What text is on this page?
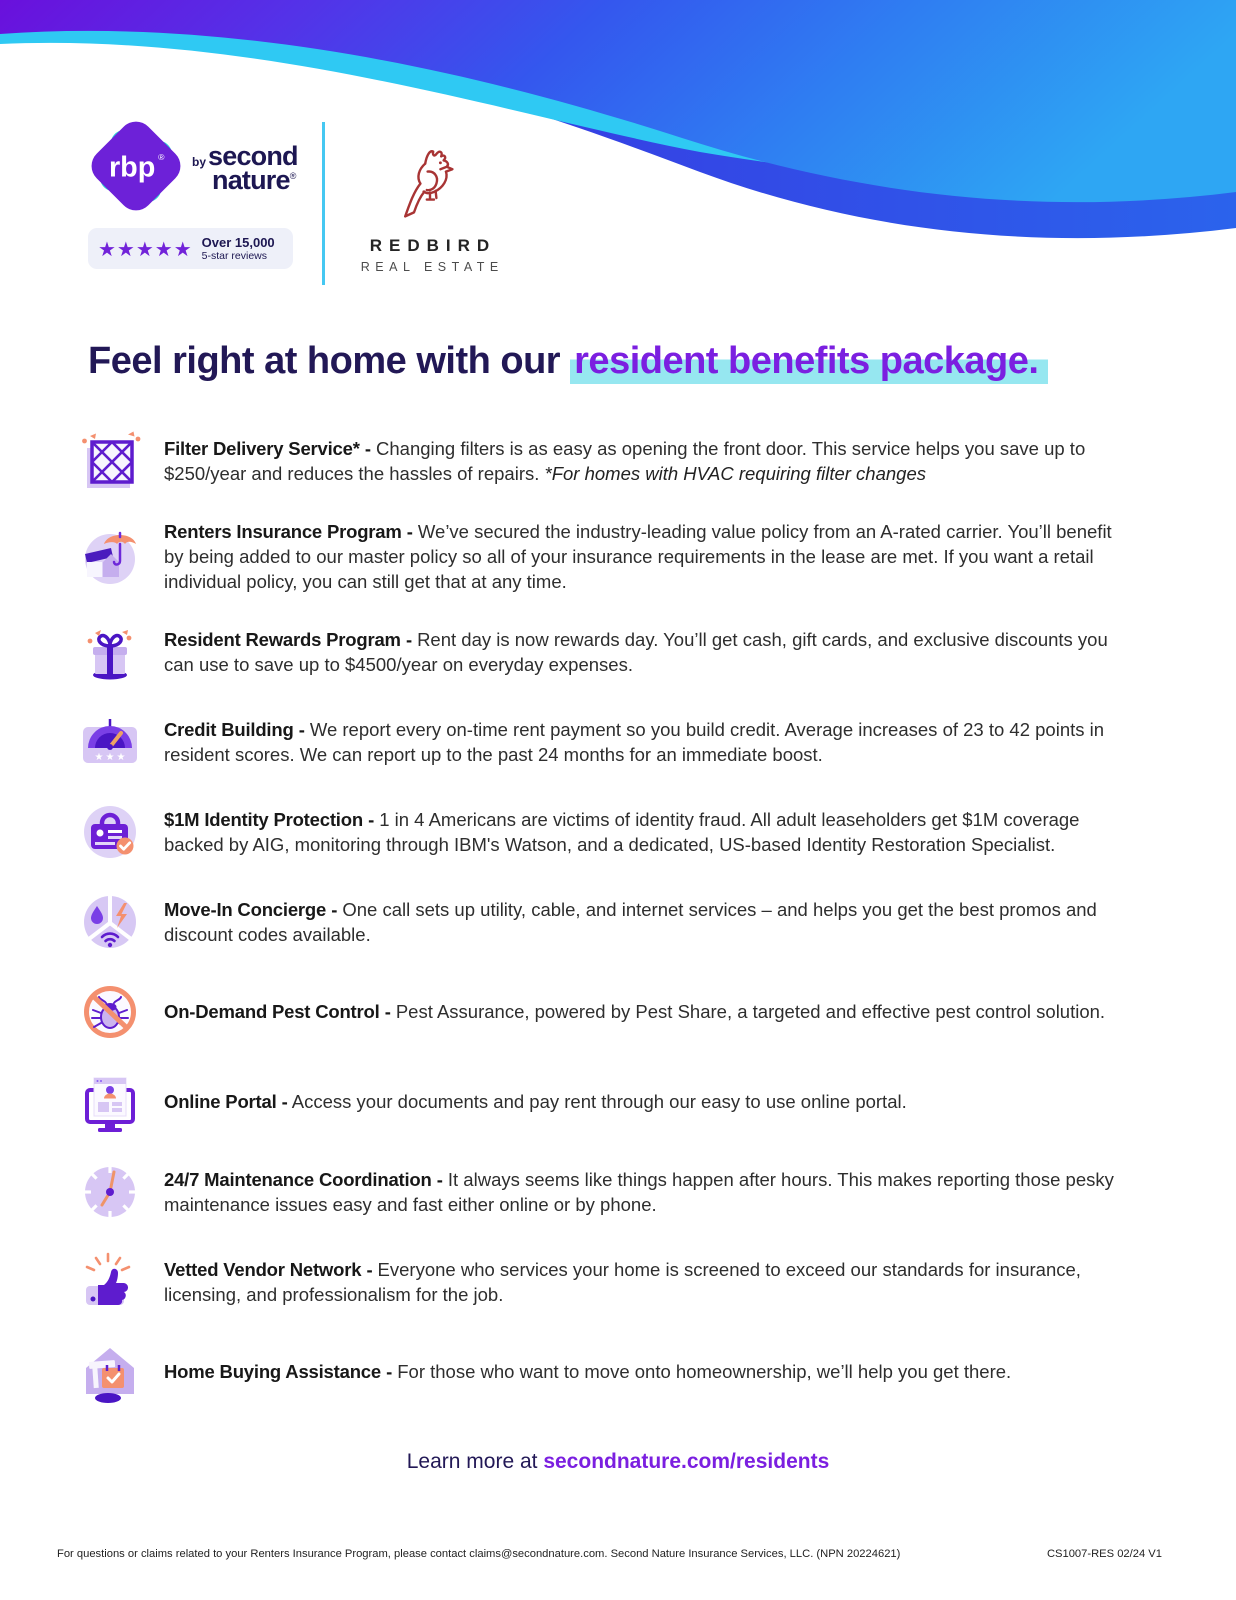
rbp ® by second
nature®
★★★★★ Over 15,000
5-star reviews
REDBIRD
REAL ESTATE
Feel right at home with our resident benefits package.

Filter Delivery Service* - Changing filters is as easy as opening the front door. This service helps you save up to $250/year and reduces the hassles of repairs. *For homes with HVAC requiring filter changes

Renters Insurance Program - We’ve secured the industry-leading value policy from an A-rated carrier. You’ll benefit by being added to our master policy so all of your insurance requirements in the lease are met. If you want a retail individual policy, you can still get that at any time.

Resident Rewards Program - Rent day is now rewards day. You’ll get cash, gift cards, and exclusive discounts you can use to save up to $4500/year on everyday expenses.

★ ★ ★

Credit Building - We report every on-time rent payment so you build credit. Average increases of 23 to 42 points in resident scores. We can report up to the past 24 months for an immediate boost.

$1M Identity Protection - 1 in 4 Americans are victims of identity fraud. All adult leaseholders get $1M coverage backed by AIG, monitoring through IBM's Watson, and a dedicated, US-based Identity Restoration Specialist.

Move-In Concierge - One call sets up utility, cable, and internet services – and helps you get the best promos and discount codes available.

On-Demand Pest Control - Pest Assurance, powered by Pest Share, a targeted and effective pest control solution.

Online Portal - Access your documents and pay rent through our easy to use online portal.

24/7 Maintenance Coordination - It always seems like things happen after hours. This makes reporting those pesky maintenance issues easy and fast either online or by phone.

Vetted Vendor Network - Everyone who services your home is screened to exceed our standards for insurance, licensing, and professionalism for the job.

Home Buying Assistance - For those who want to move onto homeownership, we’ll help you get there.

Learn more at secondnature.com/residents

For questions or claims related to your Renters Insurance Program, please contact claims@secondnature.com. Second Nature Insurance Services, LLC. (NPN 20224621)	CS1007-RES 02/24 V1
